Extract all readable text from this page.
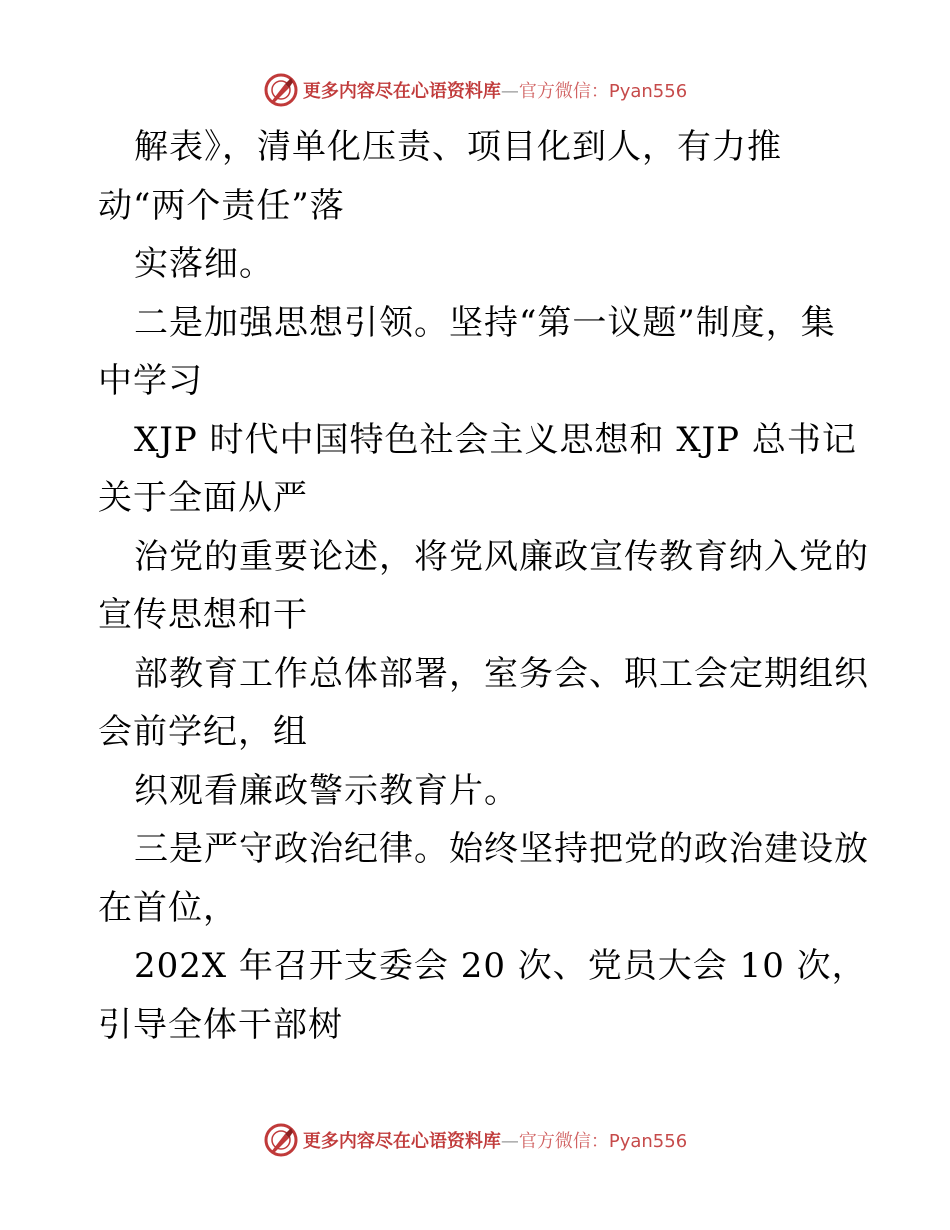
更多内容尽在心语资料库—官方微信：Pyan556
解表》，清单化压责、项目化到人，有力推
动“两个责任”落
实落细。
二是加强思想引领。坚持“第一议题”制度，集
中学习
XJP 时代中国特色社会主义思想和 XJP 总书记
关于全面从严
治党的重要论述，将党风廉政宣传教育纳入党的
宣传思想和干
部教育工作总体部署，室务会、职工会定期组织
会前学纪，组
织观看廉政警示教育片。
三是严守政治纪律。始终坚持把党的政治建设放
在首位，
202X 年召开支委会 20 次、党员大会 10 次，
引导全体干部树
更多内容尽在心语资料库—官方微信：Pyan556
